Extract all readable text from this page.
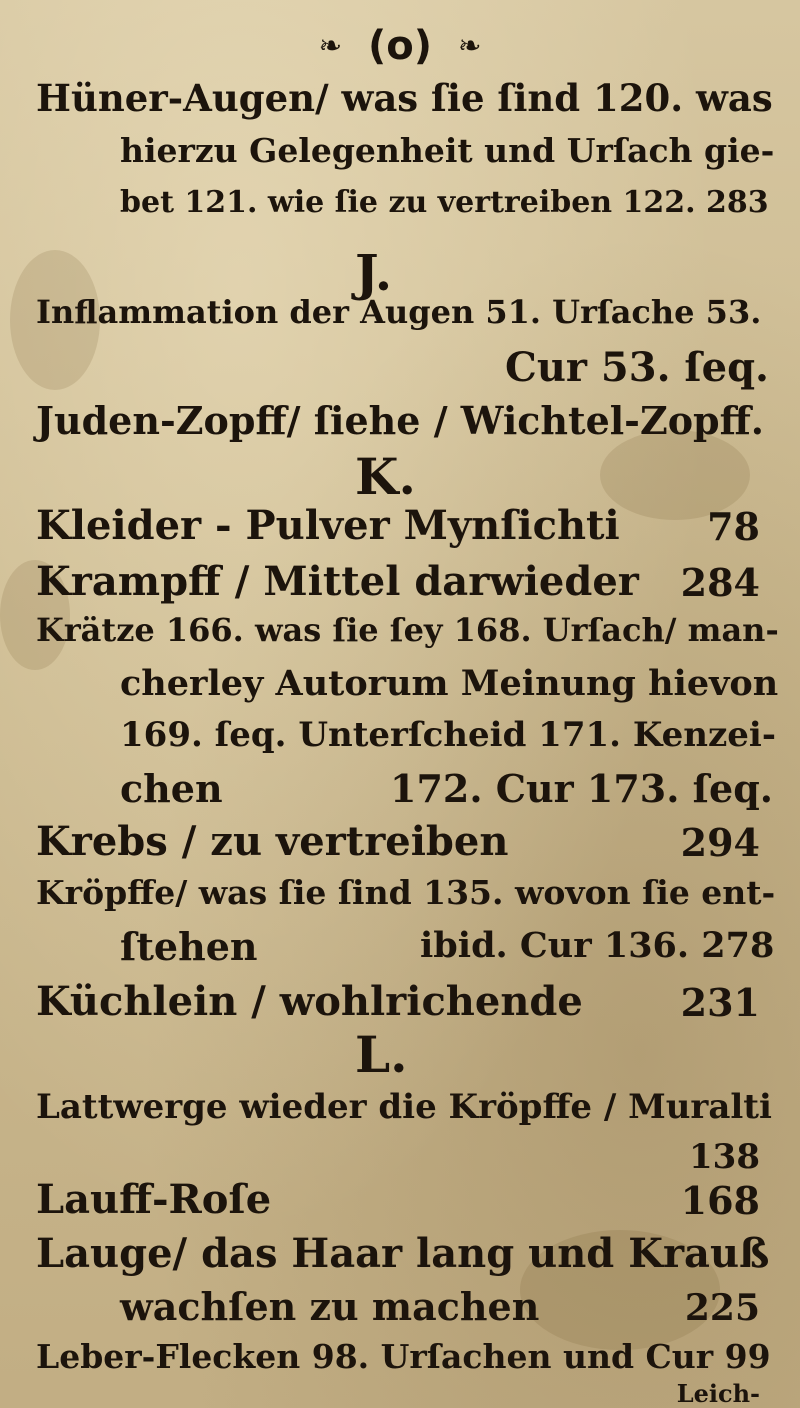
❧ (o) ❧
Hüner-Augen/ was ſie ſind 120. was
hierzu Gelegenheit und Urſach gie-
bet 121. wie ſie zu vertreiben 122. 283
J.
Inflammation der Augen 51. Urſache 53.
Cur 53. ſeq.
Juden-Zopff/ ſiehe / Wichtel-Zopff.
K.
Kleider - Pulver Mynſichti 78
Krampff / Mittel darwieder 284
Krätze 166. was ſie ſey 168. Urſach/ man-
cherley Autorum Meinung hievon
169. ſeq. Unterſcheid 171. Kenzei-
chen	172. Cur 173. ſeq.
Krebs / zu vertreiben	294
Kröpffe/ was ſie ſind 135. wovon ſie ent-
ſtehen	ibid. Cur 136. 278
Küchlein / wohlrichende	231
L.
Lattwerge wieder die Kröpffe / Muralti
138
Lauff-Roſe	168
Lauge/ das Haar lang und Krauß
wachſen zu machen	225
Leber-Flecken 98. Urſachen und Cur 99
Leich-
